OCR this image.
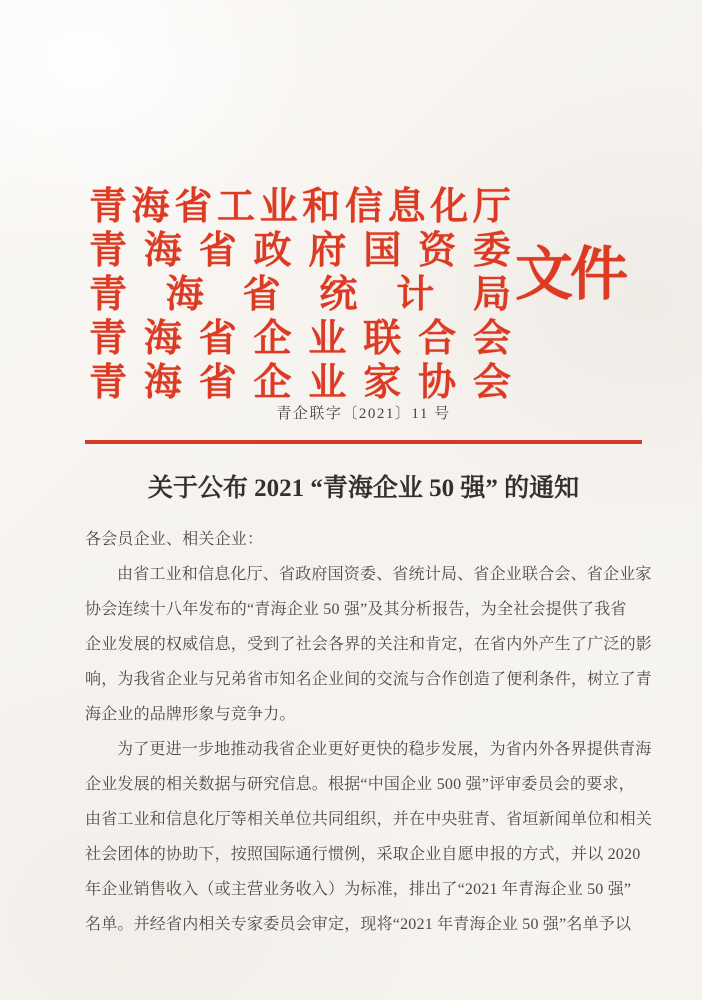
青 海 省 工 业 和 信 息 化 厅
青 海 省 政 府 国 资 委
青 海 省 统 计 局
青 海 省 企 业 联 合 会
青 海 省 企 业 家 协 会
文件
青企联字〔2021〕11 号
关于公布 2021 “青海企业 50 强” 的通知
各会员企业、相关企业：
由省工业和信息化厅、省政府国资委、省统计局、省企业联合会、省企业家
协会连续十八年发布的“青海企业 50 强”及其分析报告，为全社会提供了我省
企业发展的权威信息，受到了社会各界的关注和肯定，在省内外产生了广泛的影
响，为我省企业与兄弟省市知名企业间的交流与合作创造了便利条件，树立了青
海企业的品牌形象与竞争力。
为了更进一步地推动我省企业更好更快的稳步发展，为省内外各界提供青海
企业发展的相关数据与研究信息。根据“中国企业 500 强”评审委员会的要求，
由省工业和信息化厅等相关单位共同组织，并在中央驻青、省垣新闻单位和相关
社会团体的协助下，按照国际通行惯例，采取企业自愿申报的方式，并以 2020
年企业销售收入（或主营业务收入）为标准，排出了“2021 年青海企业 50 强”
名单。并经省内相关专家委员会审定，现将“2021 年青海企业 50 强”名单予以
